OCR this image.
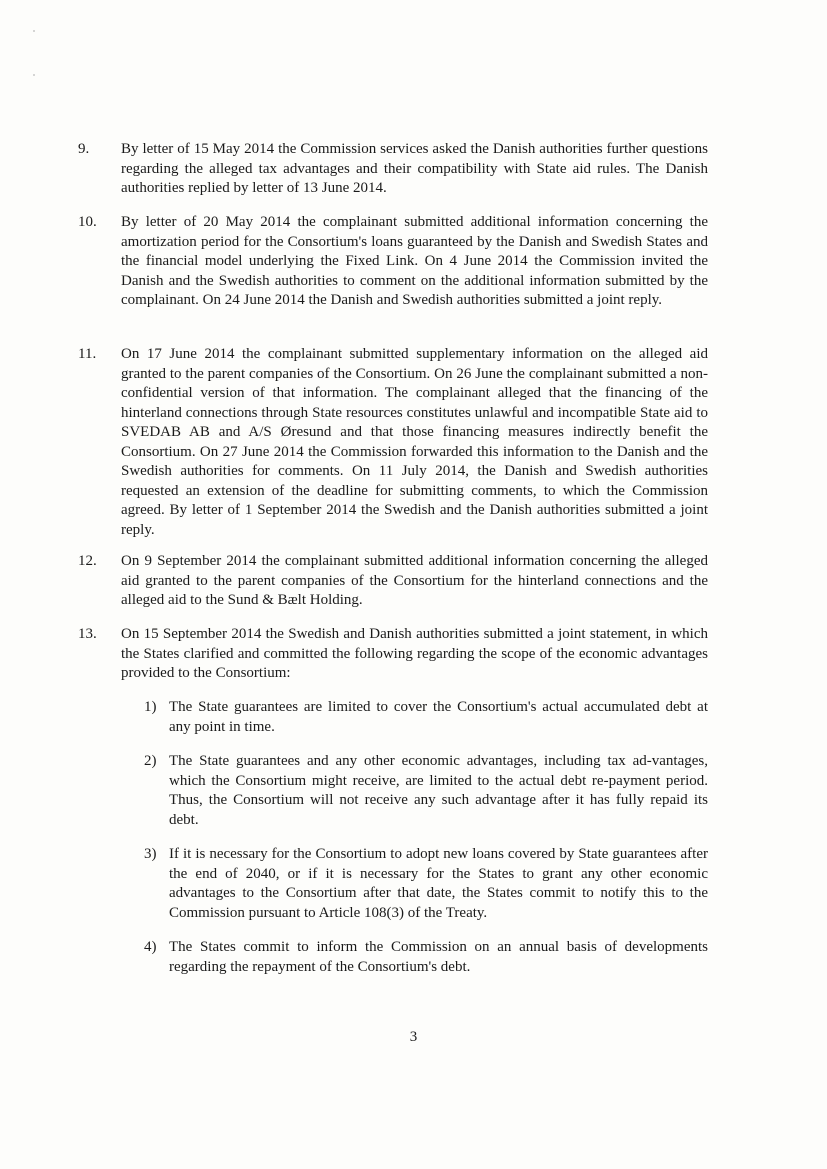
9.	By letter of 15 May 2014 the Commission services asked the Danish authorities further questions regarding the alleged tax advantages and their compatibility with State aid rules. The Danish authorities replied by letter of 13 June 2014.
10.	By letter of 20 May 2014 the complainant submitted additional information concerning the amortization period for the Consortium's loans guaranteed by the Danish and Swedish States and the financial model underlying the Fixed Link. On 4 June 2014 the Commission invited the Danish and the Swedish authorities to comment on the additional information submitted by the complainant. On 24 June 2014 the Danish and Swedish authorities submitted a joint reply.
11.	On 17 June 2014 the complainant submitted supplementary information on the alleged aid granted to the parent companies of the Consortium. On 26 June the complainant submitted a non-confidential version of that information. The complainant alleged that the financing of the hinterland connections through State resources constitutes unlawful and incompatible State aid to SVEDAB AB and A/S Øresund and that those financing measures indirectly benefit the Consortium. On 27 June 2014 the Commission forwarded this information to the Danish and the Swedish authorities for comments. On 11 July 2014, the Danish and Swedish authorities requested an extension of the deadline for submitting comments, to which the Commission agreed. By letter of 1 September 2014 the Swedish and the Danish authorities submitted a joint reply.
12.	On 9 September 2014 the complainant submitted additional information concerning the alleged aid granted to the parent companies of the Consortium for the hinterland connections and the alleged aid to the Sund & Bælt Holding.
13.	On 15 September 2014 the Swedish and Danish authorities submitted a joint statement, in which the States clarified and committed the following regarding the scope of the economic advantages provided to the Consortium:
1) The State guarantees are limited to cover the Consortium's actual accumulated debt at any point in time.
2) The State guarantees and any other economic advantages, including tax ad-vantages, which the Consortium might receive, are limited to the actual debt re-payment period. Thus, the Consortium will not receive any such advantage after it has fully repaid its debt.
3) If it is necessary for the Consortium to adopt new loans covered by State guarantees after the end of 2040, or if it is necessary for the States to grant any other economic advantages to the Consortium after that date, the States commit to notify this to the Commission pursuant to Article 108(3) of the Treaty.
4) The States commit to inform the Commission on an annual basis of developments regarding the repayment of the Consortium's debt.
3
